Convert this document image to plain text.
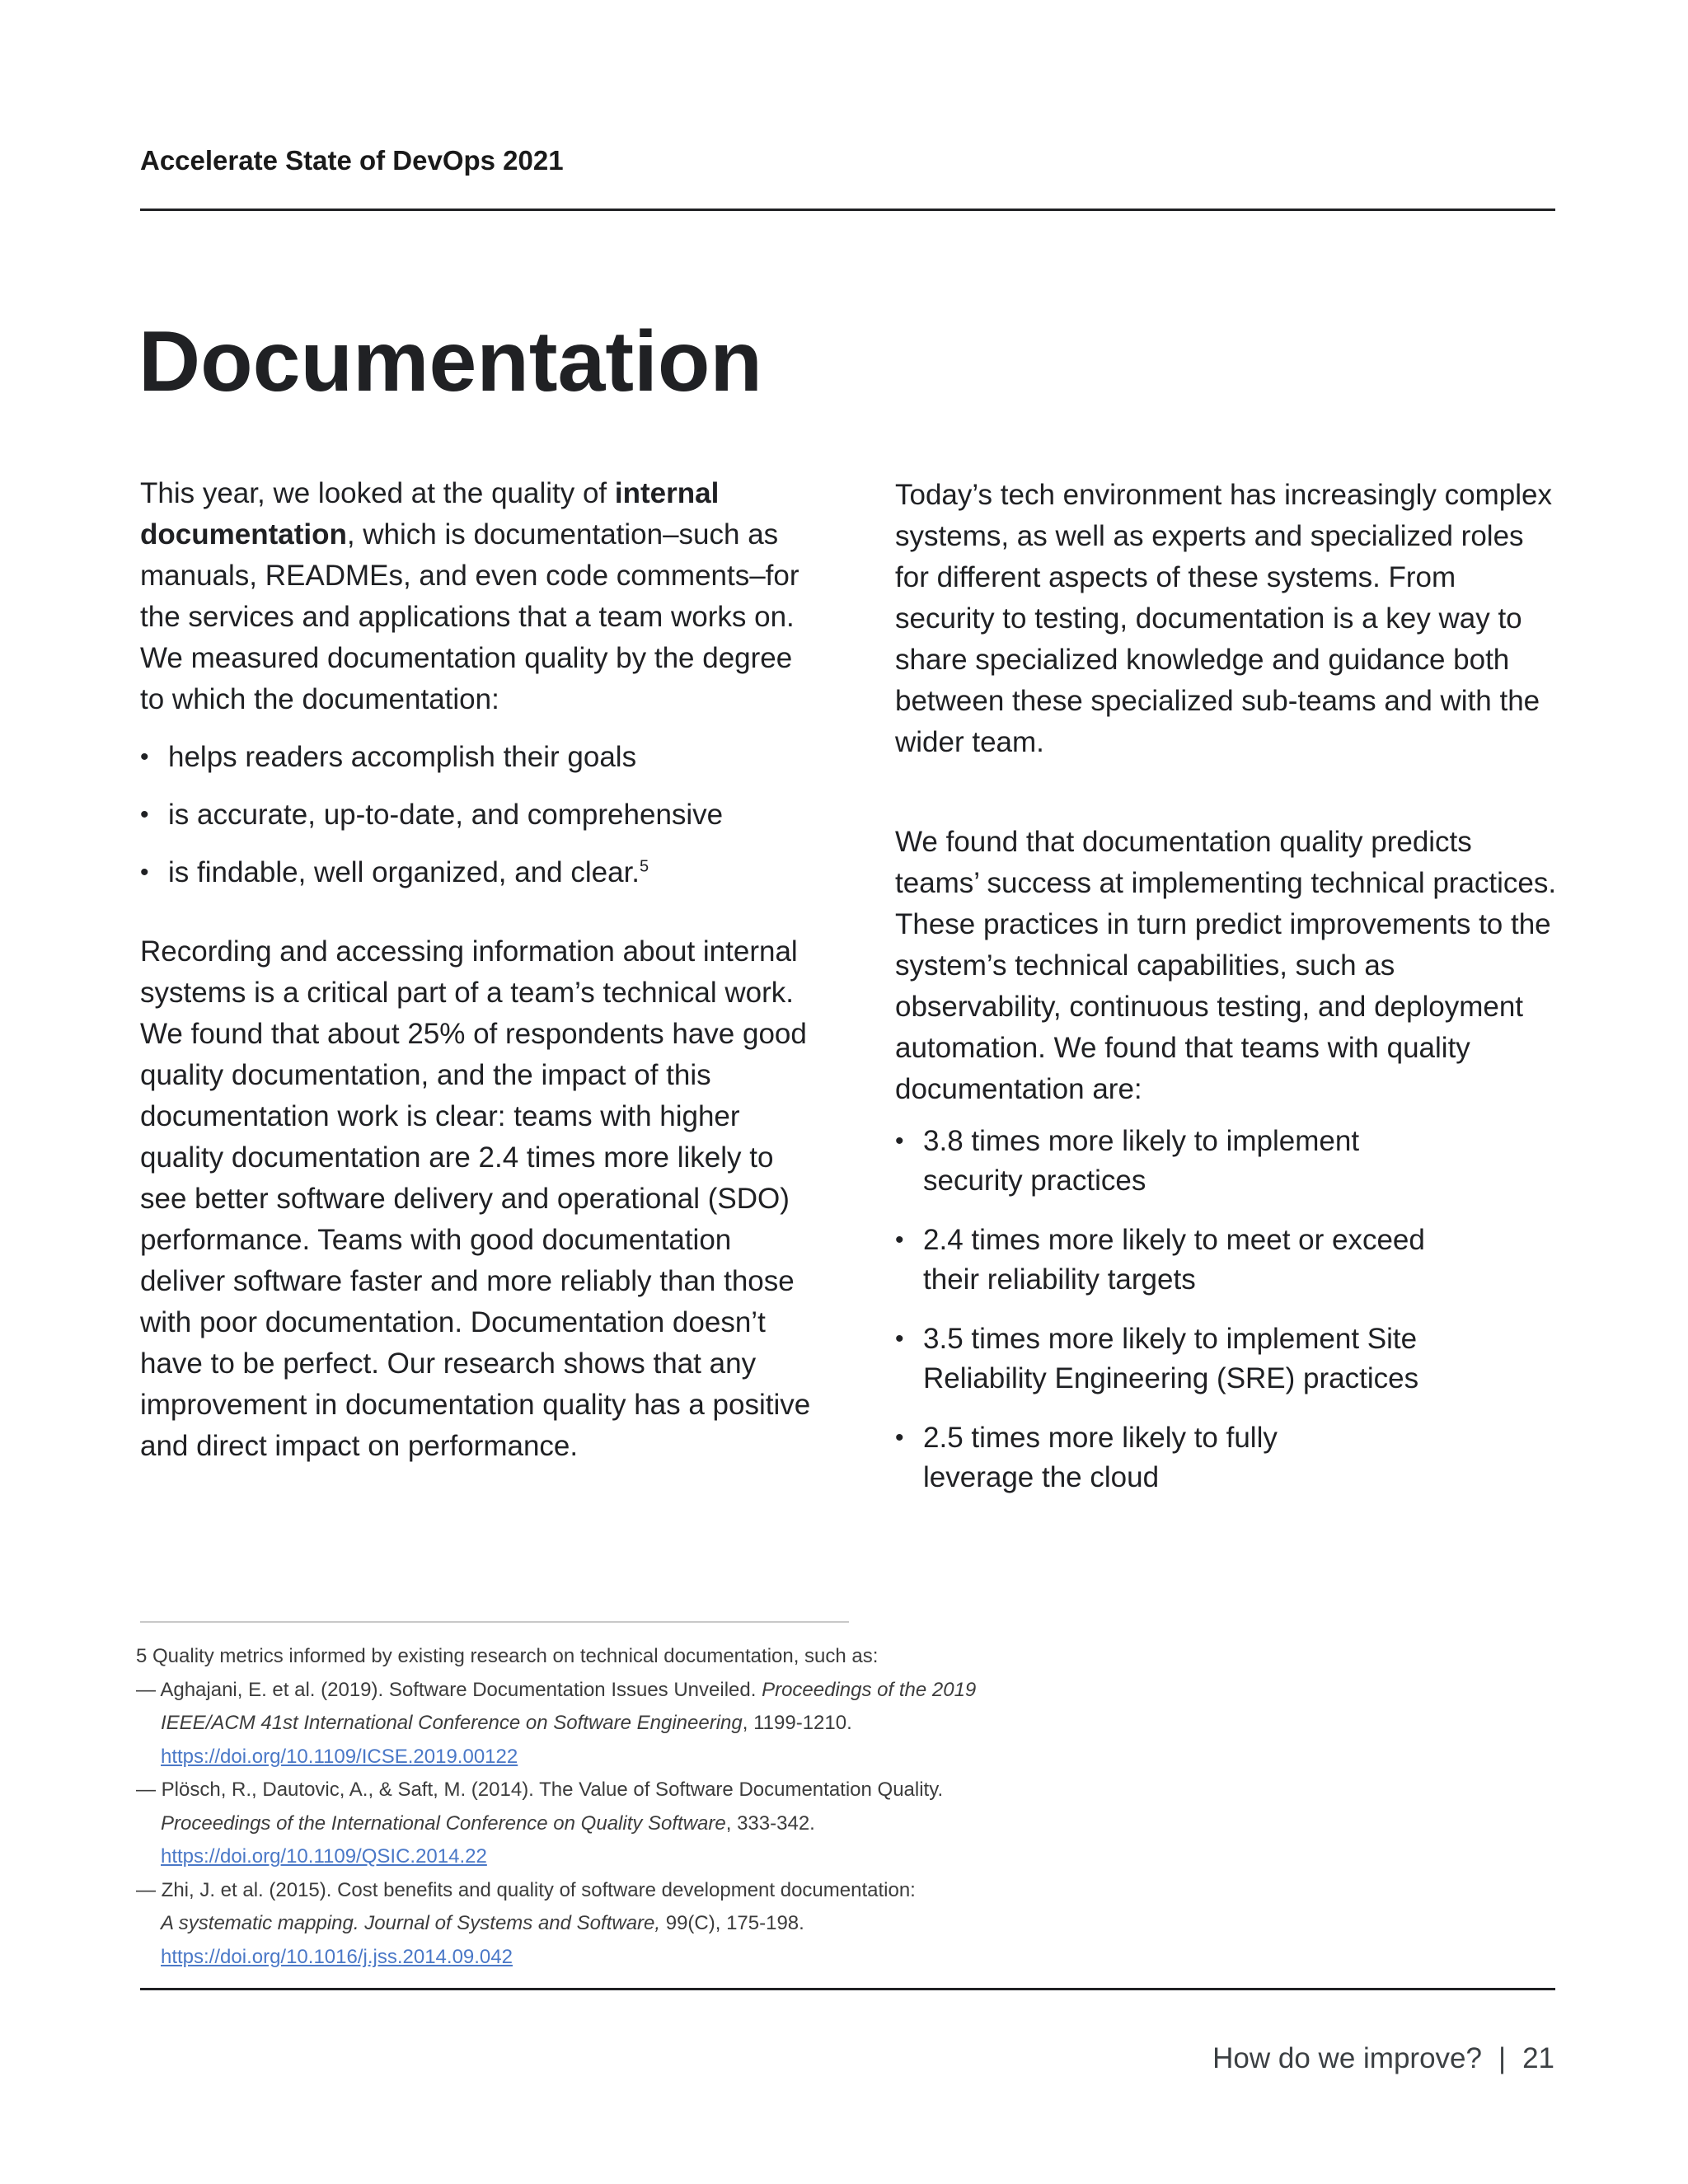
Accelerate State of DevOps 2021
Documentation

This year, we looked at the quality of internal documentation, which is documentation–such as manuals, READMEs, and even code comments–for the services and applications that a team works on. We measured documentation quality by the degree to which the documentation:

• helps readers accomplish their goals
• is accurate, up-to-date, and comprehensive
• is findable, well organized, and clear.$^5$

Recording and accessing information about internal systems is a critical part of a team’s technical work. We found that about 25% of respondents have good quality documentation, and the impact of this documentation work is clear: teams with higher quality documentation are 2.4 times more likely to see better software delivery and operational (SDO) performance. Teams with good documentation deliver software faster and more reliably than those with poor documentation. Documentation doesn’t have to be perfect. Our research shows that any improvement in documentation quality has a positive and direct impact on performance.

Today’s tech environment has increasingly complex systems, as well as experts and specialized roles for different aspects of these systems. From security to testing, documentation is a key way to share specialized knowledge and guidance both between these specialized sub-teams and with the wider team.

We found that documentation quality predicts teams’ success at implementing technical practices. These practices in turn predict improvements to the system’s technical capabilities, such as observability, continuous testing, and deployment automation. We found that teams with quality documentation are:

• 3.8 times more likely to implement
security practices
• 2.4 times more likely to meet or exceed
their reliability targets
• 3.5 times more likely to implement Site
Reliability Engineering (SRE) practices
• 2.5 times more likely to fully
leverage the cloud
5 Quality metrics informed by existing research on technical documentation, such as:
— Aghajani, E. et al. (2019). Software Documentation Issues Unveiled. Proceedings of the 2019
IEEE/ACM 41st International Conference on Software Engineering, 1199-1210.
https://doi.org/10.1109/ICSE.2019.00122
— Plösch, R., Dautovic, A., & Saft, M. (2014). The Value of Software Documentation Quality.
Proceedings of the International Conference on Quality Software, 333-342.
https://doi.org/10.1109/QSIC.2014.22
— Zhi, J. et al. (2015). Cost benefits and quality of software development documentation:
A systematic mapping. Journal of Systems and Software, 99(C), 175-198.
https://doi.org/10.1016/j.jss.2014.09.042
How do we improve? | 21
